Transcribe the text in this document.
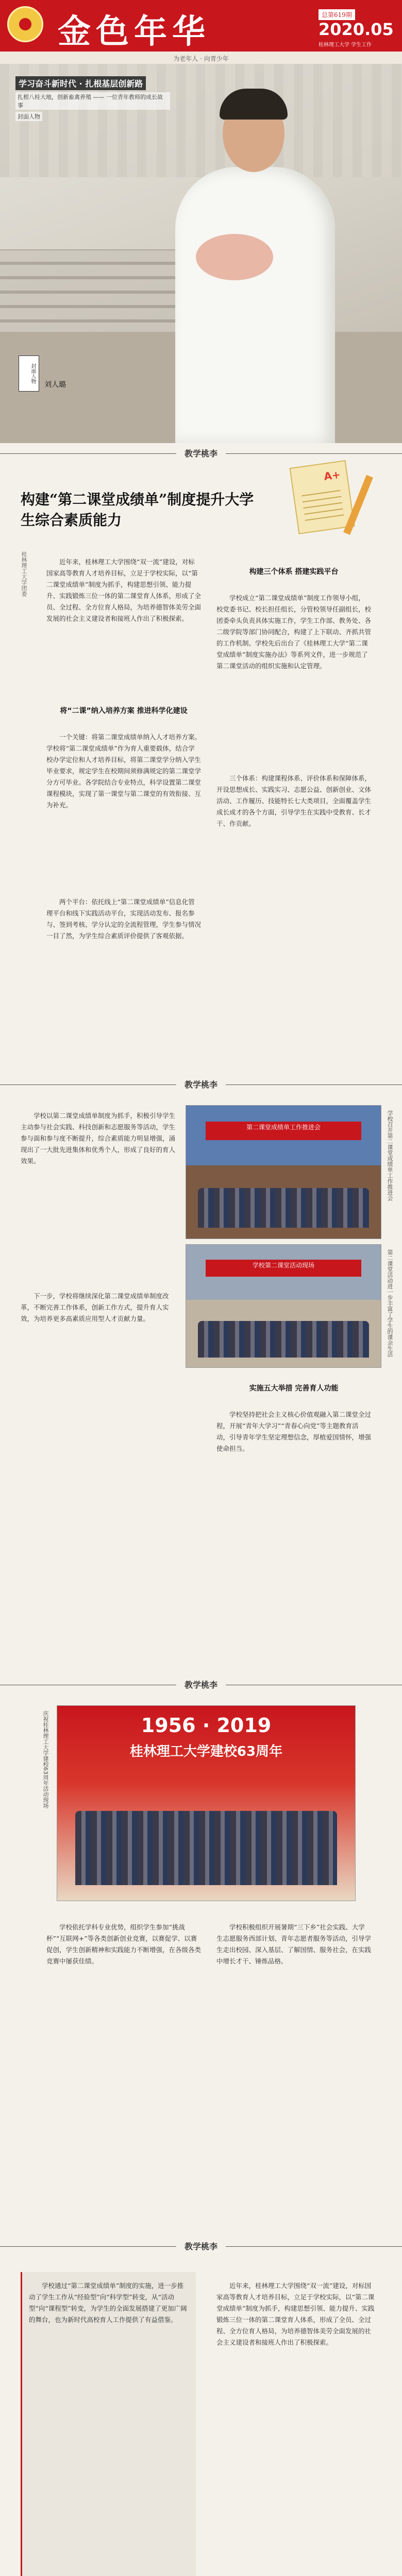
金色年华	总第619期
2020.05
桂林理工大学 学生工作
为老年人 · 向青少年
学习奋斗新时代 · 扎根基层创新路
扎根八桂大地，创新畜禽养殖 —— 一位青年教师的成长故事
封面人物
封面人物
刘人璐
教学桃李
构建“第二课堂成绩单”制度提升大学生综合素质能力
A+
桂林理工大学团委	近年来，桂林理工大学围绕“双一流”建设，对标国家高等教育人才培养目标，立足于学校实际，以“第二课堂成绩单”制度为抓手，构建思想引领、能力提升、实践锻炼三位一体的第二课堂育人体系，形成了全员、全过程、全方位育人格局，为培养德智体美劳全面发展的社会主义建设者和接班人作出了积极探索。
将“二课”纳入培养方案 推进科学化建设
一个关键：将第二课堂成绩单纳入人才培养方案。学校将“第二课堂成绩单”作为育人重要载体，结合学校办学定位和人才培养目标，将第二课堂学分纳入学生毕业要求，规定学生在校期间须修满规定的第二课堂学分方可毕业。各学院结合专业特点，科学设置第二课堂课程模块，实现了第一课堂与第二课堂的有效衔接、互为补充。
两个平台：依托线上“第二课堂成绩单”信息化管理平台和线下实践活动平台，实现活动发布、报名参与、签到考核、学分认定的全流程管理，学生参与情况一目了然，为学生综合素质评价提供了客观依据。
构建三个体系 搭建实践平台
学校成立“第二课堂成绩单”制度工作领导小组，校党委书记、校长担任组长，分管校领导任副组长，校团委牵头负责具体实施工作，学生工作部、教务处、各二级学院等部门协同配合，构建了上下联动、齐抓共管的工作机制。学校先后出台了《桂林理工大学“第二课堂成绩单”制度实施办法》等系列文件，进一步规范了第二课堂活动的组织实施和认定管理。
三个体系：构建课程体系、评价体系和保障体系，开设思想成长、实践实习、志愿公益、创新创业、文体活动、工作履历、技能特长七大类项目，全面覆盖学生成长成才的各个方面，引导学生在实践中受教育、长才干、作贡献。
教学桃李
学校以第二课堂成绩单制度为抓手，积极引导学生主动参与社会实践、科技创新和志愿服务等活动，学生参与面和参与度不断提升，综合素质能力明显增强，涌现出了一大批先进集体和优秀个人，形成了良好的育人效果。
下一步，学校将继续深化第二课堂成绩单制度改革，不断完善工作体系，创新工作方式，提升育人实效，为培养更多高素质应用型人才贡献力量。
第二课堂成绩单工作推进会
学校第二课堂活动现场
学校召开第二课堂成绩单工作推进会
第二课堂活动进一步丰富了学生的课余生活
实施五大举措 完善育人功能
学校坚持把社会主义核心价值观融入第二课堂全过程，开展“青年大学习”“青春心向党”等主题教育活动，引导青年学生坚定理想信念，厚植爱国情怀，增强使命担当。
教学桃李
1956 · 2019
桂林理工大学建校63周年
庆祝桂林理工大学建校63周年活动现场
学校依托学科专业优势，组织学生参加“挑战杯”“互联网+”等各类创新创业竞赛，以赛促学、以赛促创，学生创新精神和实践能力不断增强，在各级各类竞赛中屡获佳绩。
学校积极组织开展暑期“三下乡”社会实践、大学生志愿服务西部计划、青年志愿者服务等活动，引导学生走出校园、深入基层、了解国情、服务社会，在实践中增长才干、锤炼品格。
教学桃李
学校通过“第二课堂成绩单”制度的实施，进一步推动了学生工作从“经验型”向“科学型”转变，从“活动型”向“课程型”转变，为学生的全面发展搭建了更加广阔的舞台，也为新时代高校育人工作提供了有益借鉴。
近年来，桂林理工大学围绕“双一流”建设，对标国家高等教育人才培养目标，立足于学校实际，以“第二课堂成绩单”制度为抓手，构建思想引领、能力提升、实践锻炼三位一体的第二课堂育人体系，形成了全员、全过程、全方位育人格局，为培养德智体美劳全面发展的社会主义建设者和接班人作出了积极探索。
